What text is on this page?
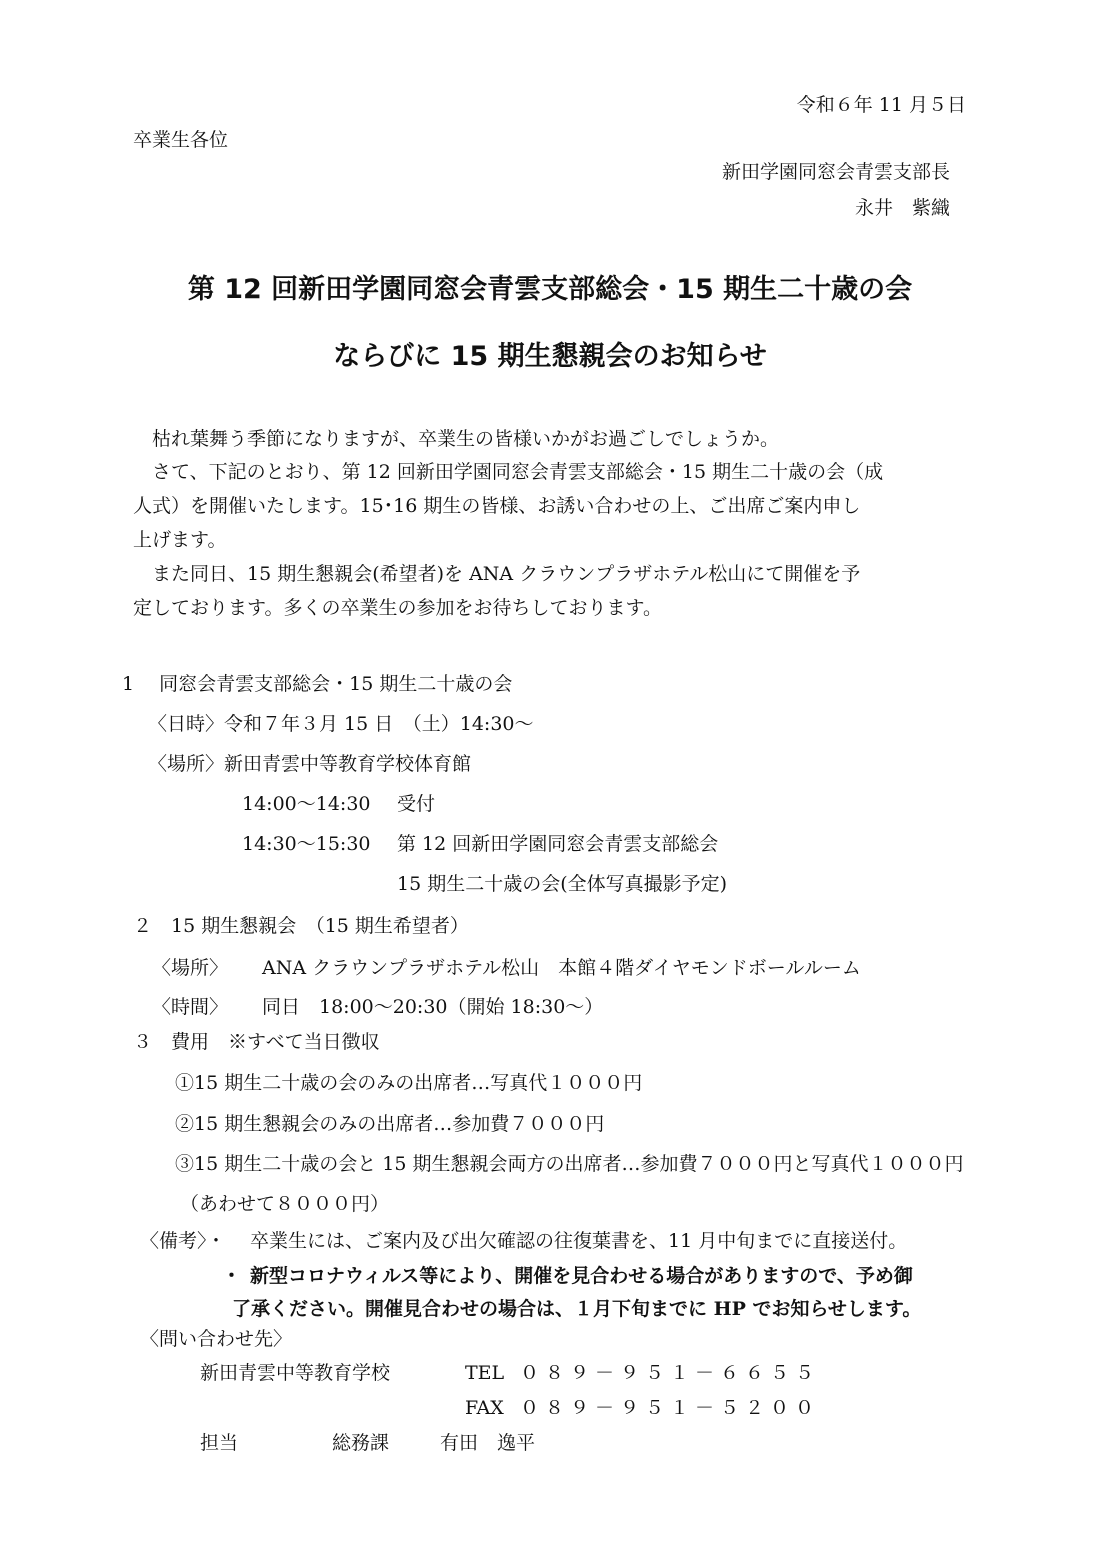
令和６年 11 月５日
卒業生各位
新田学園同窓会青雲支部長
永井　紫織
第 12 回新田学園同窓会青雲支部総会・15 期生二十歳の会
ならびに 15 期生懇親会のお知らせ
枯れ葉舞う季節になりますが、卒業生の皆様いかがお過ごしでしょうか。
さて、下記のとおり、第 12 回新田学園同窓会青雲支部総会・15 期生二十歳の会（成
人式）を開催いたします。15･16 期生の皆様、お誘い合わせの上、ご出席ご案内申し
上げます。
また同日、15 期生懇親会(希望者)を ANA クラウンプラザホテル松山にて開催を予
定しております。多くの卒業生の参加をお待ちしております。
1　 同窓会青雲支部総会・15 期生二十歳の会
〈日時〉令和７年３月 15 日　（土）14:30～
〈場所〉新田青雲中等教育学校体育館
14:00～14:30 受付
14:30～15:30 第 12 回新田学園同窓会青雲支部総会
15 期生二十歳の会(全体写真撮影予定)
２　15 期生懇親会　（15 期生希望者）
〈場所〉 ANA クラウンプラザホテル松山　本館４階ダイヤモンドボールルーム
〈時間〉 同日　18:00～20:30（開始 18:30～）
３　費用　※すべて当日徴収
①15 期生二十歳の会のみの出席者…写真代１０００円
②15 期生懇親会のみの出席者…参加費７０００円
③15 期生二十歳の会と 15 期生懇親会両方の出席者…参加費７０００円と写真代１０００円
（あわせて８０００円）
〈備考〉・ 卒業生には、ご案内及び出欠確認の往復葉書を、11 月中旬までに直接送付。
・ 新型コロナウィルス等により、開催を見合わせる場合がありますので、予め御
了承ください。開催見合わせの場合は、１月下旬までに HP でお知らせします。
〈問い合わせ先〉
新田青雲中等教育学校	TEL ０８９－９５１－６６５５
FAX ０８９－９５１－５２００
担当	総務課	有田　逸平
